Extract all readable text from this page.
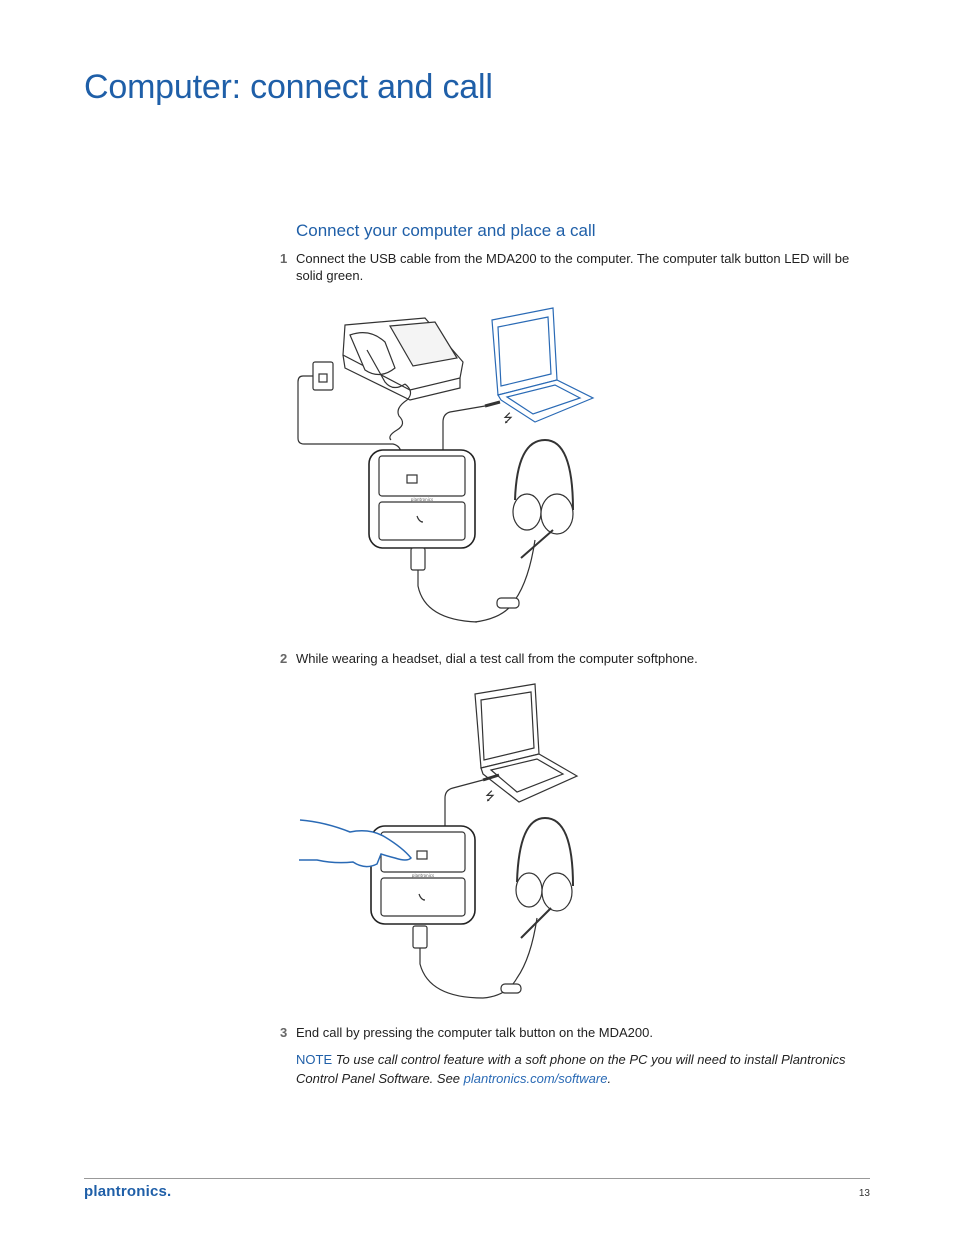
Computer: connect and call
Connect your computer and place a call
1 Connect the USB cable from the MDA200 to the computer. The computer talk button LED will be solid green.
⭍
plantronics
2 While wearing a headset, dial a test call from the computer softphone.
⭍
plantronics
3 End call by pressing the computer talk button on the MDA200.
NOTE To use call control feature with a soft phone on the PC you will need to install Plantronics Control Panel Software. See plantronics.com/software.
plantronics.	13
